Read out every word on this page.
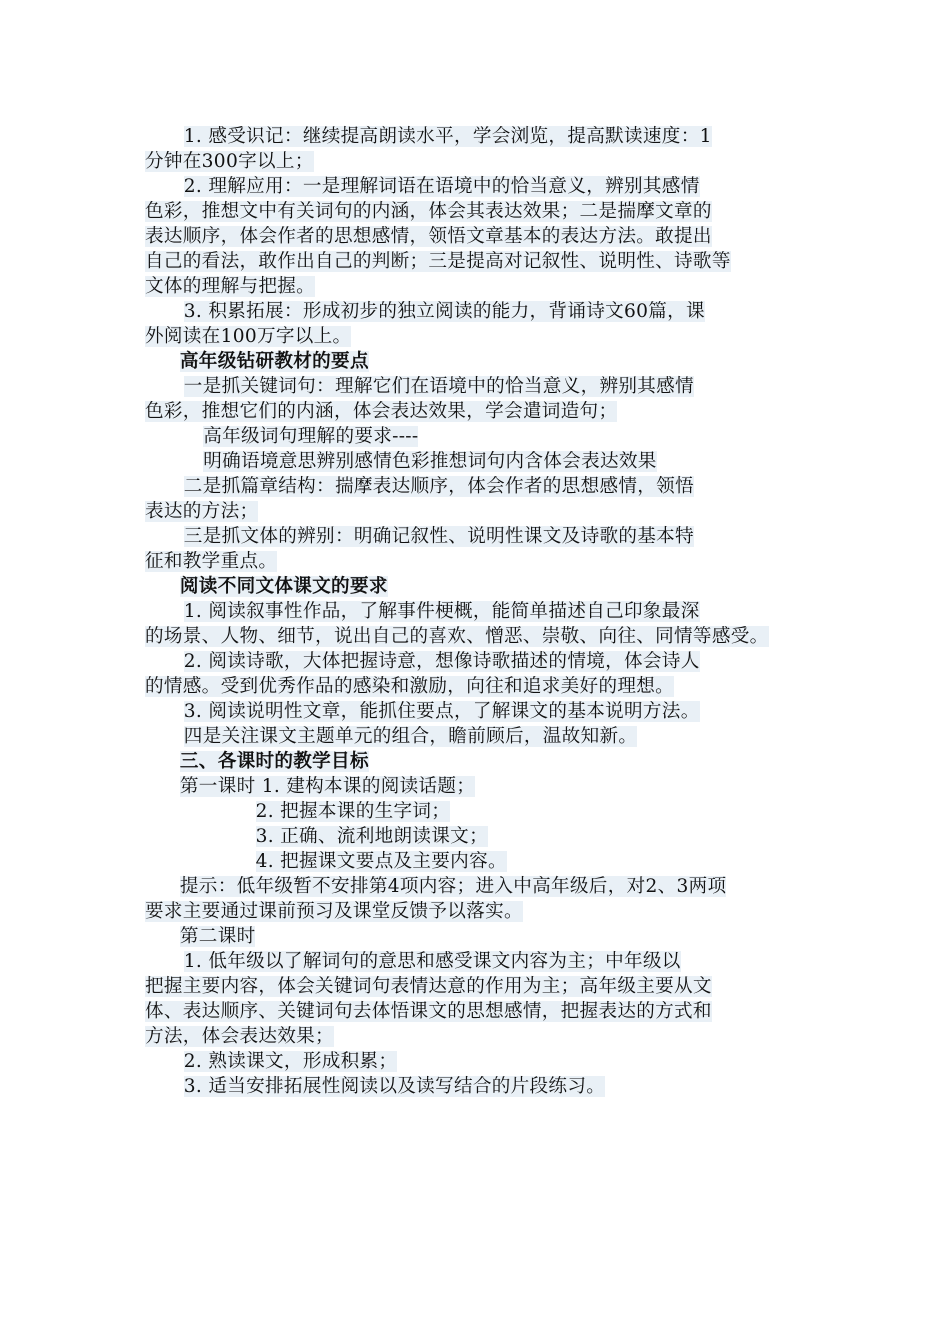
1. 感受识记：继续提高朗读水平，学会浏览，提高默读速度：1
分钟在300字以上；
2. 理解应用：一是理解词语在语境中的恰当意义，辨别其感情
色彩，推想文中有关词句的内涵，体会其表达效果；二是揣摩文章的
表达顺序，体会作者的思想感情，领悟文章基本的表达方法。敢提出
自己的看法，敢作出自己的判断；三是提高对记叙性、说明性、诗歌等
文体的理解与把握。
3. 积累拓展：形成初步的独立阅读的能力，背诵诗文60篇，课
外阅读在100万字以上。
高年级钻研教材的要点
一是抓关键词句：理解它们在语境中的恰当意义，辨别其感情
色彩，推想它们的内涵，体会表达效果，学会遣词造句；
高年级词句理解的要求----
明确语境意思辨别感情色彩推想词句内含体会表达效果
二是抓篇章结构：揣摩表达顺序，体会作者的思想感情，领悟
表达的方法；
三是抓文体的辨别：明确记叙性、说明性课文及诗歌的基本特
征和教学重点。
阅读不同文体课文的要求
1. 阅读叙事性作品，了解事件梗概，能简单描述自己印象最深
的场景、人物、细节，说出自己的喜欢、憎恶、崇敬、向往、同情等感受。
2. 阅读诗歌，大体把握诗意，想像诗歌描述的情境，体会诗人
的情感。受到优秀作品的感染和激励，向往和追求美好的理想。
3. 阅读说明性文章，能抓住要点，了解课文的基本说明方法。
四是关注课文主题单元的组合，瞻前顾后，温故知新。
三、各课时的教学目标
第一课时 1. 建构本课的阅读话题；
2. 把握本课的生字词；
3. 正确、流利地朗读课文；
4. 把握课文要点及主要内容。
提示：低年级暂不安排第4项内容；进入中高年级后，对2、3两项
要求主要通过课前预习及课堂反馈予以落实。
第二课时
1. 低年级以了解词句的意思和感受课文内容为主；中年级以
把握主要内容，体会关键词句表情达意的作用为主；高年级主要从文
体、表达顺序、关键词句去体悟课文的思想感情，把握表达的方式和
方法，体会表达效果；
2. 熟读课文，形成积累；
3. 适当安排拓展性阅读以及读写结合的片段练习。
